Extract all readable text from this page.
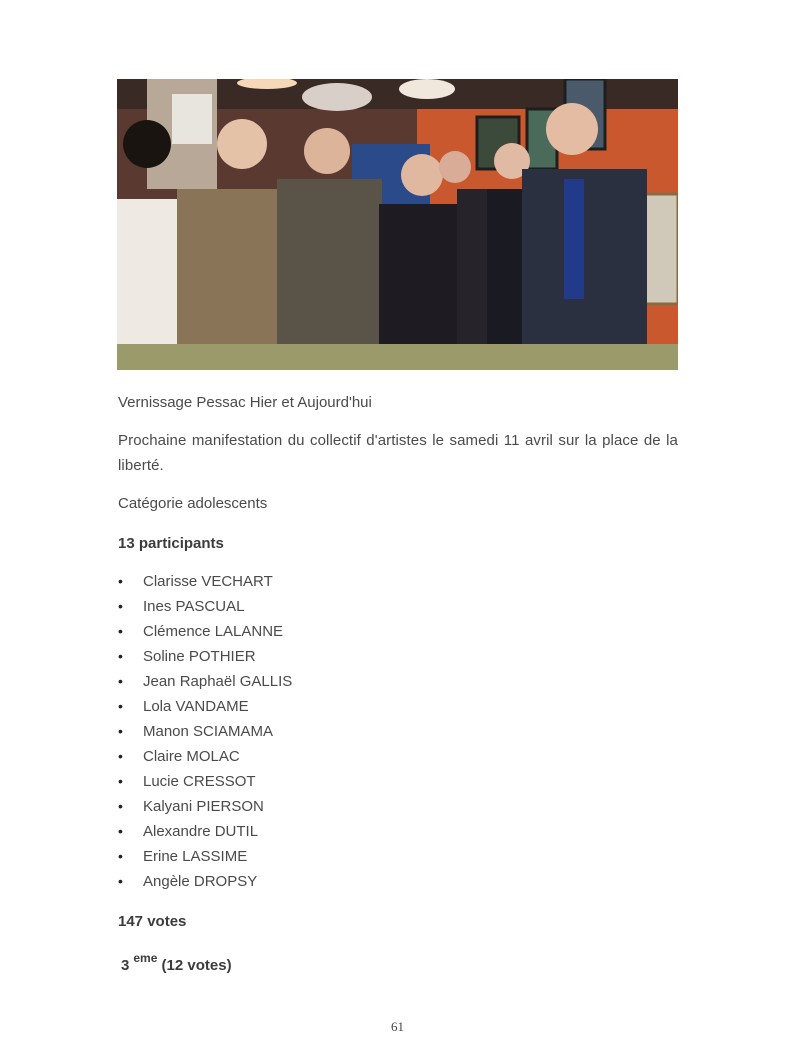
Vernissage Pessac Hier et Aujourd'hui
Prochaine manifestation du collectif d'artistes le samedi 11 avril sur la place de la liberté.
Catégorie adolescents
13 participants
• Clarisse VECHART
• Ines PASCUAL
• Clémence LALANNE
• Soline POTHIER
• Jean Raphaël GALLIS
• Lola VANDAME
• Manon SCIAMAMA
• Claire MOLAC
• Lucie CRESSOT
• Kalyani PIERSON
• Alexandre DUTIL
• Erine LASSIME
• Angèle DROPSY
147 votes
3 $^{eme}$ (12 votes)
61
